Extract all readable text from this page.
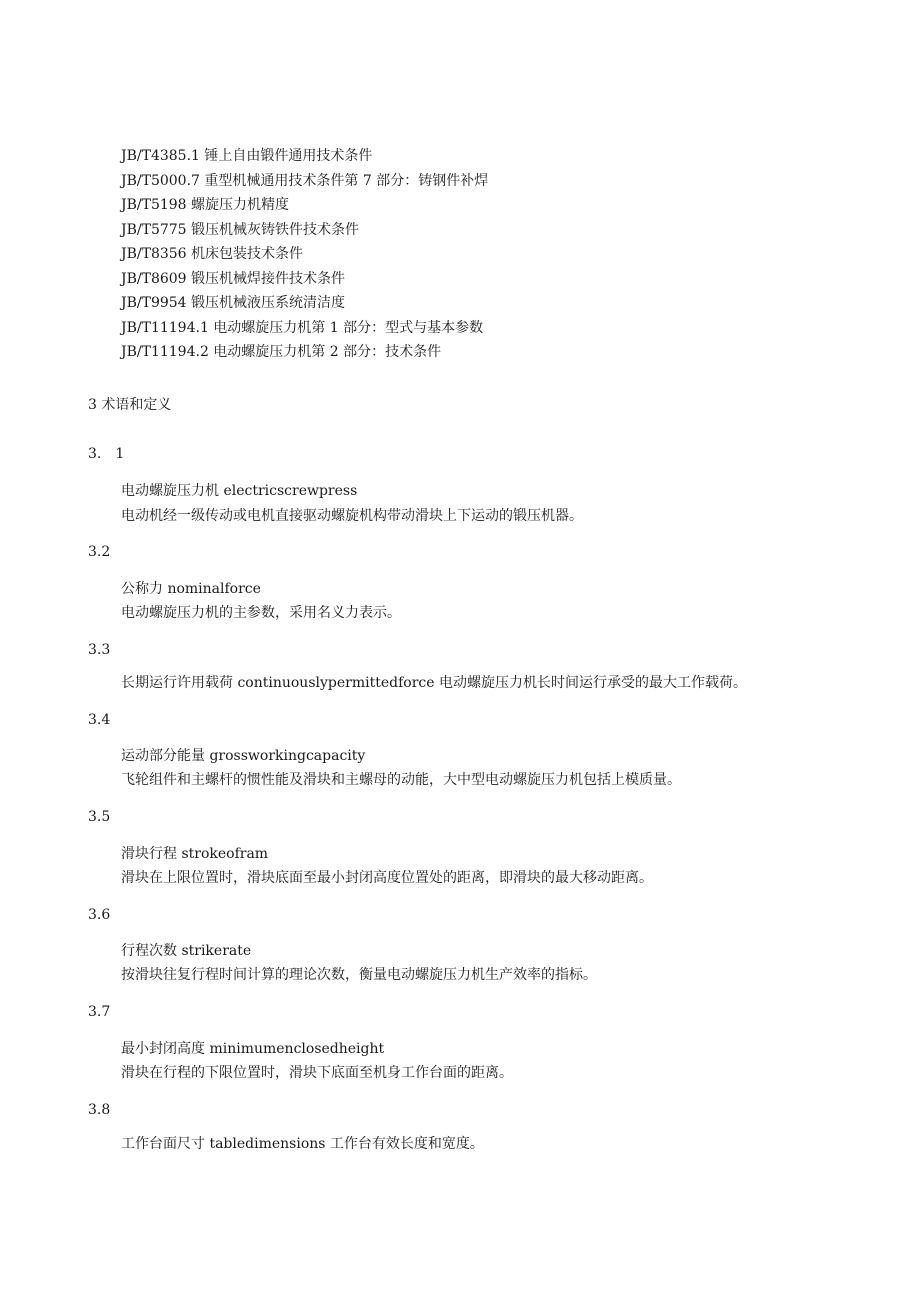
JB/T4385.1 锤上自由锻件通用技术条件
JB/T5000.7 重型机械通用技术条件第 7 部分：铸钢件补焊
JB/T5198 螺旋压力机精度
JB/T5775 锻压机械灰铸铁件技术条件
JB/T8356 机床包装技术条件
JB/T8609 锻压机械焊接件技术条件
JB/T9954 锻压机械液压系统清洁度
JB/T11194.1 电动螺旋压力机第 1 部分：型式与基本参数
JB/T11194.2 电动螺旋压力机第 2 部分：技术条件
3 术语和定义
3.　1
电动螺旋压力机 electricscrewpress
电动机经一级传动或电机直接驱动螺旋机构带动滑块上下运动的锻压机器。
3.2
公称力 nominalforce
电动螺旋压力机的主参数，采用名义力表示。
3.3
长期运行许用载荷 continuouslypermittedforce 电动螺旋压力机长时间运行承受的最大工作载荷。
3.4
运动部分能量 grossworkingcapacity
飞轮组件和主螺杆的惯性能及滑块和主螺母的动能，大中型电动螺旋压力机包括上模质量。
3.5
滑块行程 strokeofram
滑块在上限位置时，滑块底面至最小封闭高度位置处的距离，即滑块的最大移动距离。
3.6
行程次数 strikerate
按滑块往复行程时间计算的理论次数，衡量电动螺旋压力机生产效率的指标。
3.7
最小封闭高度 minimumenclosedheight
滑块在行程的下限位置时，滑块下底面至机身工作台面的距离。
3.8
工作台面尺寸 tabledimensions 工作台有效长度和宽度。
